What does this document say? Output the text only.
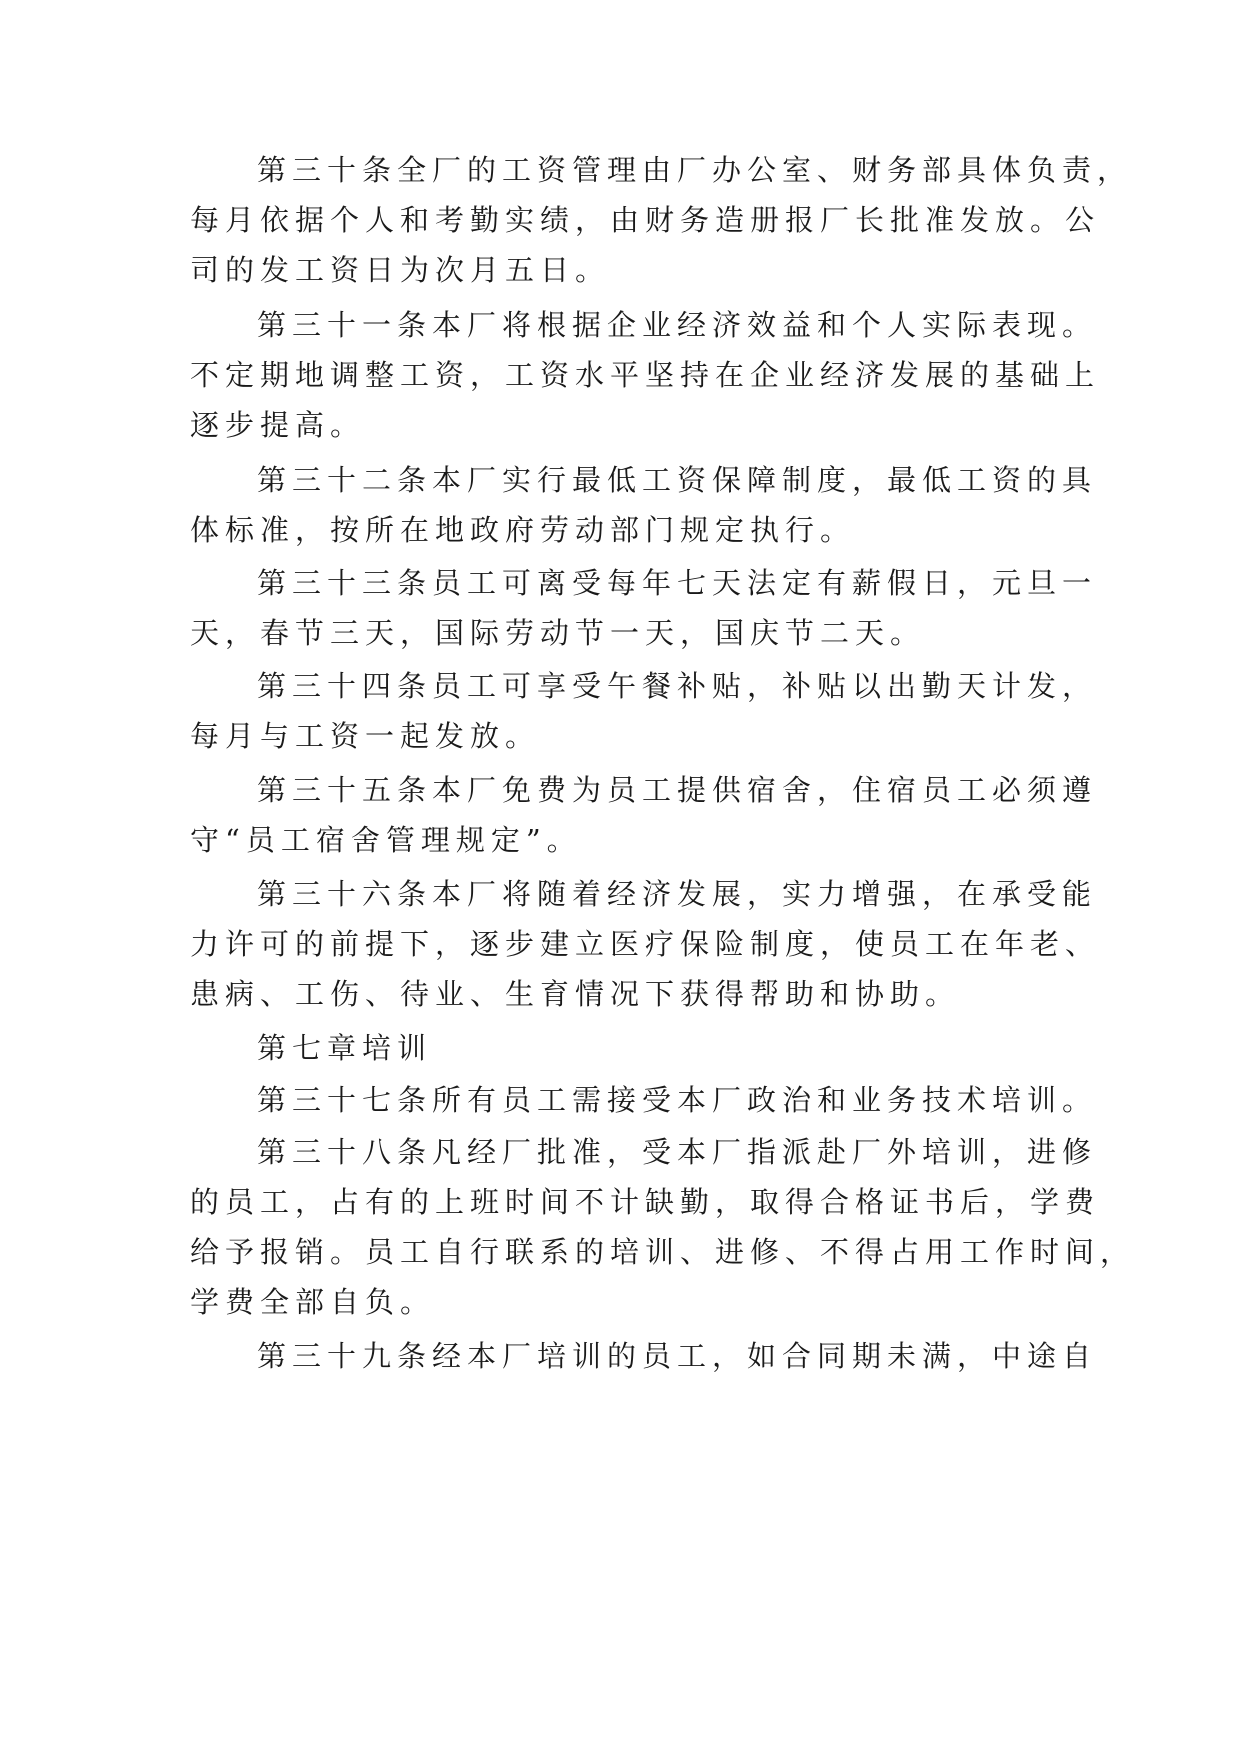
第三十条全厂的工资管理由厂办公室、财务部具体负责，
每月依据个人和考勤实绩，由财务造册报厂长批准发放。公
司的发工资日为次月五日。
第三十一条本厂将根据企业经济效益和个人实际表现。
不定期地调整工资，工资水平坚持在企业经济发展的基础上
逐步提高。
第三十二条本厂实行最低工资保障制度，最低工资的具
体标准，按所在地政府劳动部门规定执行。
第三十三条员工可离受每年七天法定有薪假日，元旦一
天，春节三天，国际劳动节一天，国庆节二天。
第三十四条员工可享受午餐补贴，补贴以出勤天计发，
每月与工资一起发放。
第三十五条本厂免费为员工提供宿舍，住宿员工必须遵
守“员工宿舍管理规定”。
第三十六条本厂将随着经济发展，实力增强，在承受能
力许可的前提下，逐步建立医疗保险制度，使员工在年老、
患病、工伤、待业、生育情况下获得帮助和协助。
第七章培训
第三十七条所有员工需接受本厂政治和业务技术培训。
第三十八条凡经厂批准，受本厂指派赴厂外培训，进修
的员工，占有的上班时间不计缺勤，取得合格证书后，学费
给予报销。员工自行联系的培训、进修、不得占用工作时间，
学费全部自负。
第三十九条经本厂培训的员工，如合同期未满，中途自
